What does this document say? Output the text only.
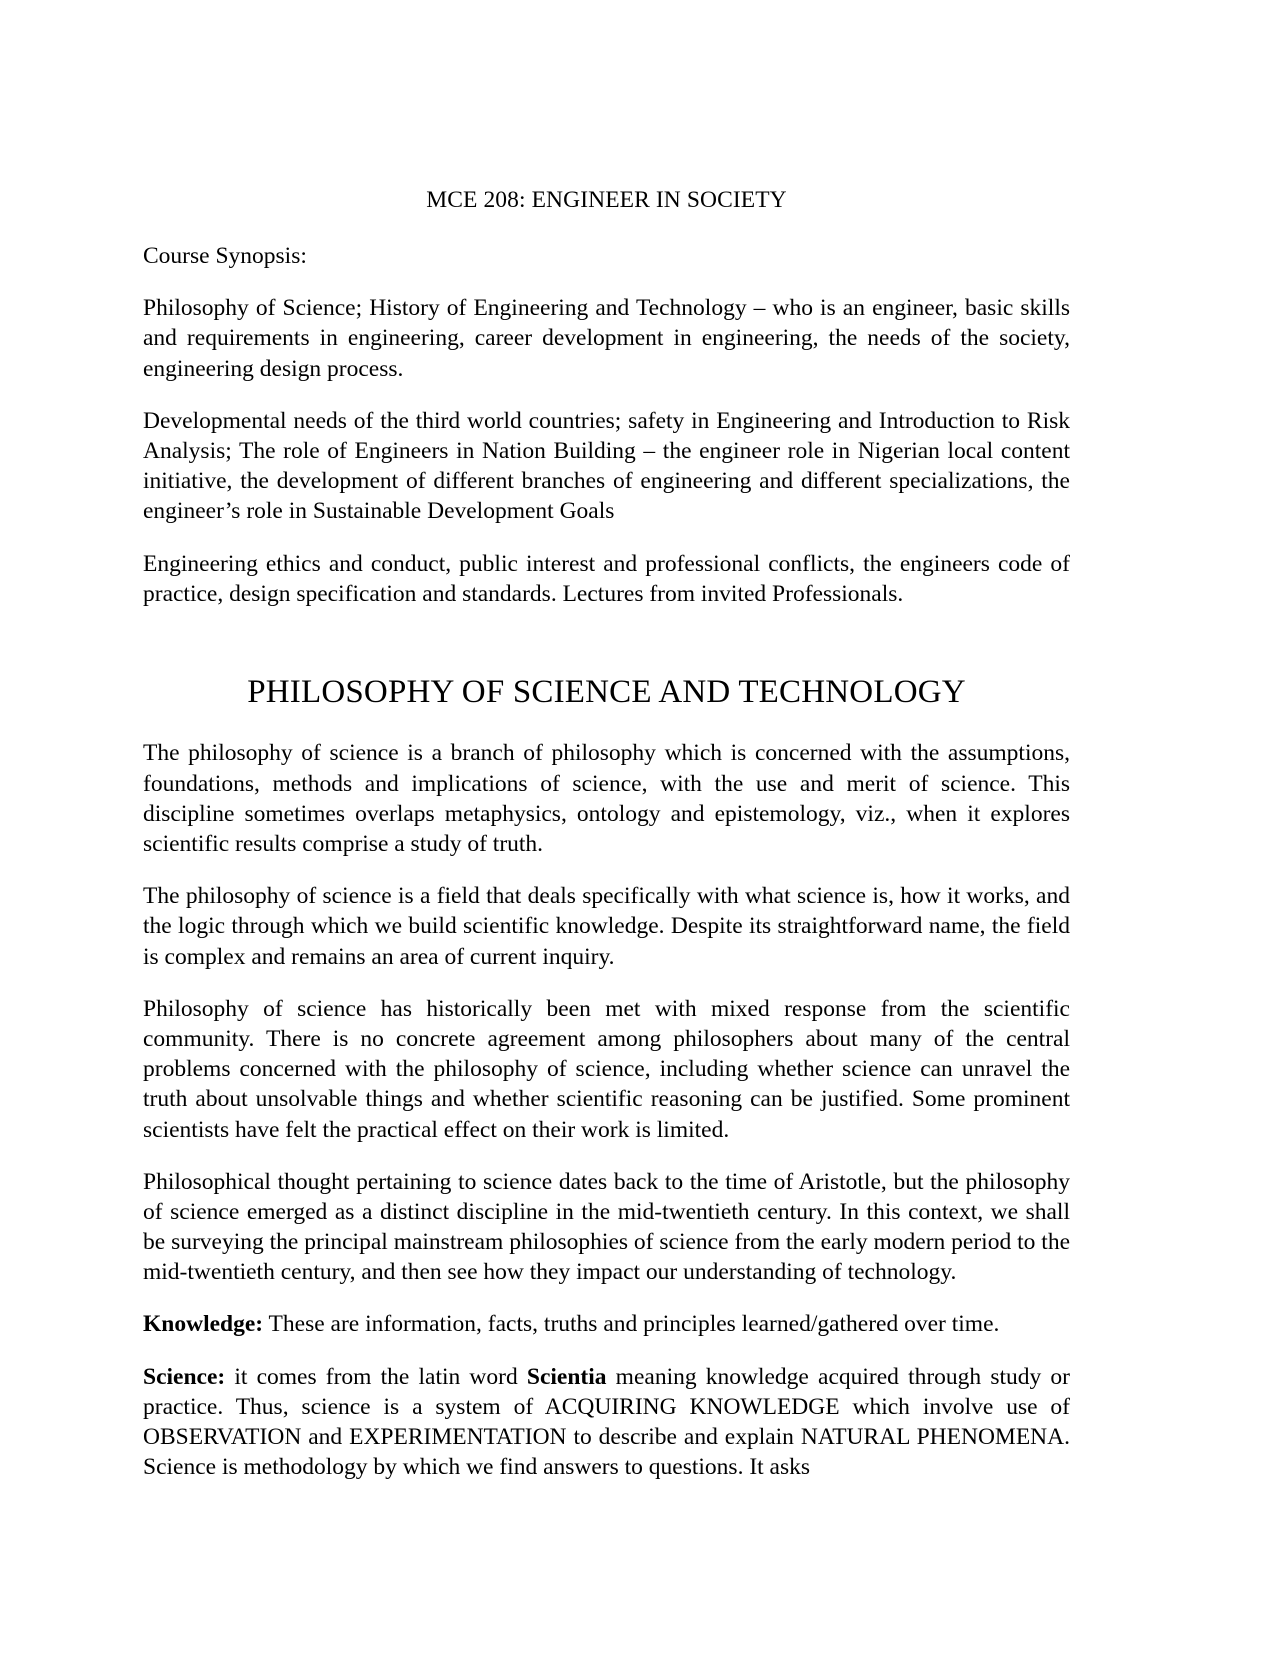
MCE 208: ENGINEER IN SOCIETY
Course Synopsis:

Philosophy of Science; History of Engineering and Technology – who is an engineer, basic skills and requirements in engineering, career development in engineering, the needs of the society, engineering design process.

Developmental needs of the third world countries; safety in Engineering and Introduction to Risk Analysis; The role of Engineers in Nation Building – the engineer role in Nigerian local content initiative, the development of different branches of engineering and different specializations, the engineer’s role in Sustainable Development Goals

Engineering ethics and conduct, public interest and professional conflicts, the engineers code of practice, design specification and standards. Lectures from invited Professionals.

PHILOSOPHY OF SCIENCE AND TECHNOLOGY

The philosophy of science is a branch of philosophy which is concerned with the assumptions, foundations, methods and implications of science, with the use and merit of science. This discipline sometimes overlaps metaphysics, ontology and epistemology, viz., when it explores scientific results comprise a study of truth.

The philosophy of science is a field that deals specifically with what science is, how it works, and the logic through which we build scientific knowledge. Despite its straightforward name, the field is complex and remains an area of current inquiry.

Philosophy of science has historically been met with mixed response from the scientific community. There is no concrete agreement among philosophers about many of the central problems concerned with the philosophy of science, including whether science can unravel the truth about unsolvable things and whether scientific reasoning can be justified. Some prominent scientists have felt the practical effect on their work is limited.

Philosophical thought pertaining to science dates back to the time of Aristotle, but the philosophy of science emerged as a distinct discipline in the mid-twentieth century. In this context, we shall be surveying the principal mainstream philosophies of science from the early modern period to the mid-twentieth century, and then see how they impact our understanding of technology.

Knowledge: These are information, facts, truths and principles learned/gathered over time.

Science: it comes from the latin word Scientia meaning knowledge acquired through study or practice. Thus, science is a system of ACQUIRING KNOWLEDGE which involve use of OBSERVATION and EXPERIMENTATION to describe and explain NATURAL PHENOMENA. Science is methodology by which we find answers to questions. It asks
